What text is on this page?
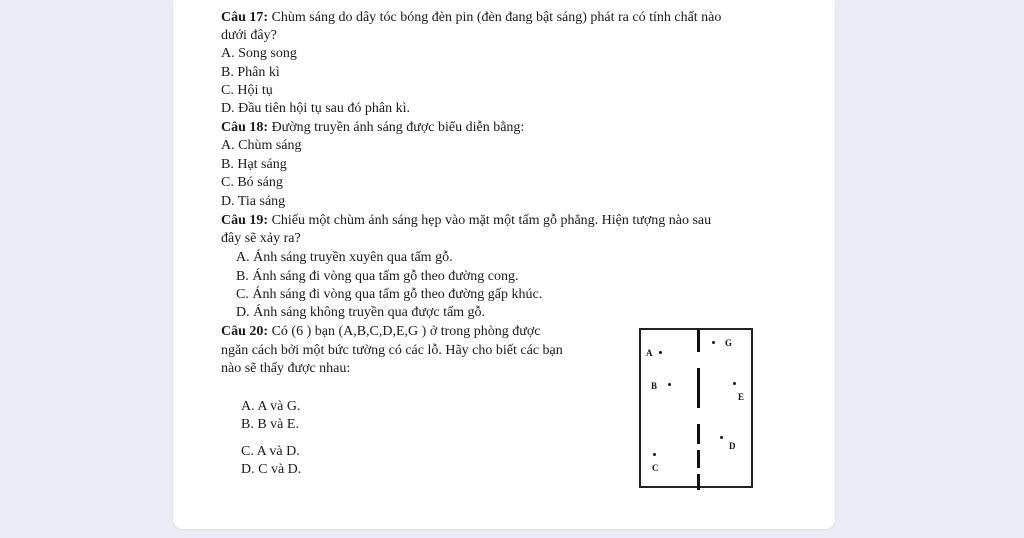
Câu 17: Chùm sáng do dây tóc bóng đèn pin (đèn đang bật sáng) phát ra có tính chất nào
dưới đây?
A. Song song
B. Phân kì
C. Hội tụ
D. Đầu tiên hội tụ sau đó phân kì.
Câu 18: Đường truyền ánh sáng được biểu diễn bằng:
A. Chùm sáng
B. Hạt sáng
C. Bó sáng
D. Tia sáng
Câu 19: Chiếu một chùm ánh sáng hẹp vào mặt một tấm gỗ phẳng. Hiện tượng nào sau
đây sẽ xảy ra?
A. Ánh sáng truyền xuyên qua tấm gỗ.
B. Ánh sáng đi vòng qua tấm gỗ theo đường cong.
C. Ánh sáng đi vòng qua tấm gỗ theo đường gấp khúc.
D. Ánh sáng không truyền qua được tấm gỗ.
Câu 20: Có (6 ) bạn (A,B,C,D,E,G ) ở trong phòng được
ngăn cách bởi một bức tường có các lỗ. Hãy cho biết các bạn
nào sẽ thấy được nhau:
A. A và G.
B. B và E.
C. A và D.
D. C và D.
A
G
B
E
D
C
